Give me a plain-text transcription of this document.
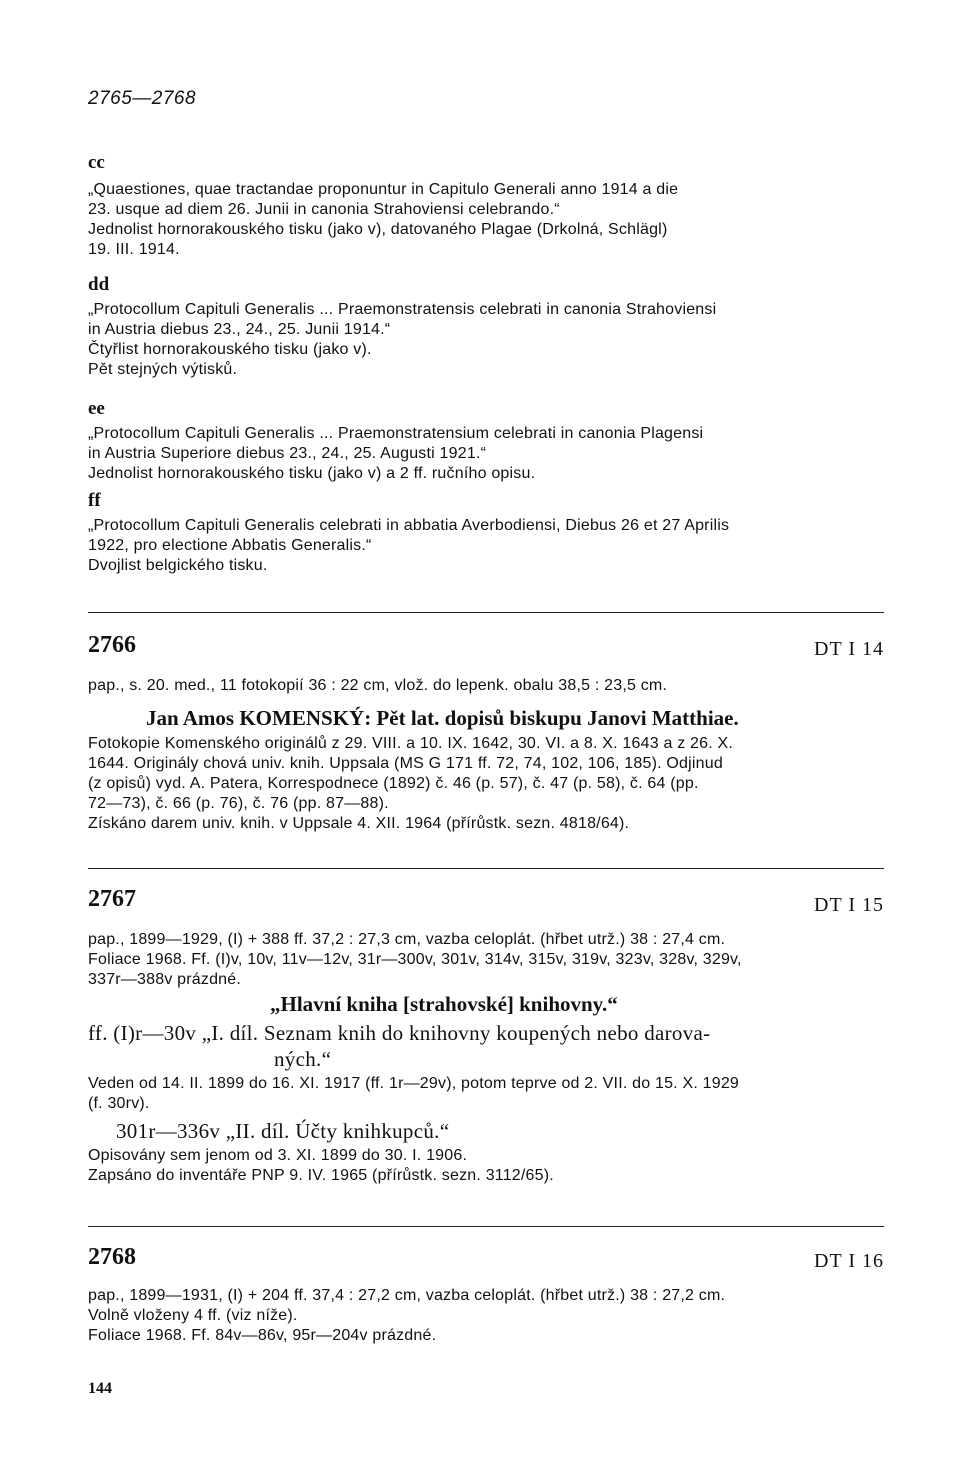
2765—2768
cc
„Quaestiones, quae tractandae proponuntur in Capitulo Generali anno 1914 a die
23. usque ad diem 26. Junii in canonia Strahoviensi celebrando.“
Jednolist hornorakouského tisku (jako v), datovaného Plagae (Drkolná, Schlägl)
19. III. 1914.
dd
„Protocollum Capituli Generalis ... Praemonstratensis celebrati in canonia Strahoviensi
in Austria diebus 23., 24., 25. Junii 1914.“
Čtyřlist hornorakouského tisku (jako v).
Pět stejných výtisků.
ee
„Protocollum Capituli Generalis ... Praemonstratensium celebrati in canonia Plagensi
in Austria Superiore diebus 23., 24., 25. Augusti 1921.“
Jednolist hornorakouského tisku (jako v) a 2 ff. ručního opisu.
ff
„Protocollum Capituli Generalis celebrati in abbatia Averbodiensi, Diebus 26 et 27 Aprilis
1922, pro electione Abbatis Generalis.“
Dvojlist belgického tisku.
2766	DT I 14
pap., s. 20. med., 11 fotokopií 36 : 22 cm, vlož. do lepenk. obalu 38,5 : 23,5 cm.
Jan Amos KOMENSKÝ: Pět lat. dopisů biskupu Janovi Matthiae.
Fotokopie Komenského originálů z 29. VIII. a 10. IX. 1642, 30. VI. a 8. X. 1643 a z 26. X.
1644. Originály chová univ. knih. Uppsala (MS G 171 ff. 72, 74, 102, 106, 185). Odjinud
(z opisů) vyd. A. Patera, Korrespodnece (1892) č. 46 (p. 57), č. 47 (p. 58), č. 64 (pp.
72—73), č. 66 (p. 76), č. 76 (pp. 87—88).
Získáno darem univ. knih. v Uppsale 4. XII. 1964 (přírůstk. sezn. 4818/64).
2767	DT I 15
pap., 1899—1929, (I) + 388 ff. 37,2 : 27,3 cm, vazba celoplát. (hřbet utrž.) 38 : 27,4 cm.
Foliace 1968. Ff. (I)v, 10v, 11v—12v, 31r—300v, 301v, 314v, 315v, 319v, 323v, 328v, 329v,
337r—388v prázdné.
„Hlavní kniha [strahovské] knihovny.“
ff. (I)r—30v „I. díl. Seznam knih do knihovny koupených nebo darova-
ných.“
Veden od 14. II. 1899 do 16. XI. 1917 (ff. 1r—29v), potom teprve od 2. VII. do 15. X. 1929
(f. 30rv).
301r—336v „II. díl. Účty knihkupců.“
Opisovány sem jenom od 3. XI. 1899 do 30. I. 1906.
Zapsáno do inventáře PNP 9. IV. 1965 (přírůstk. sezn. 3112/65).
2768	DT I 16
pap., 1899—1931, (I) + 204 ff. 37,4 : 27,2 cm, vazba celoplát. (hřbet utrž.) 38 : 27,2 cm.
Volně vloženy 4 ff. (viz níže).
Foliace 1968. Ff. 84v—86v, 95r—204v prázdné.
144
